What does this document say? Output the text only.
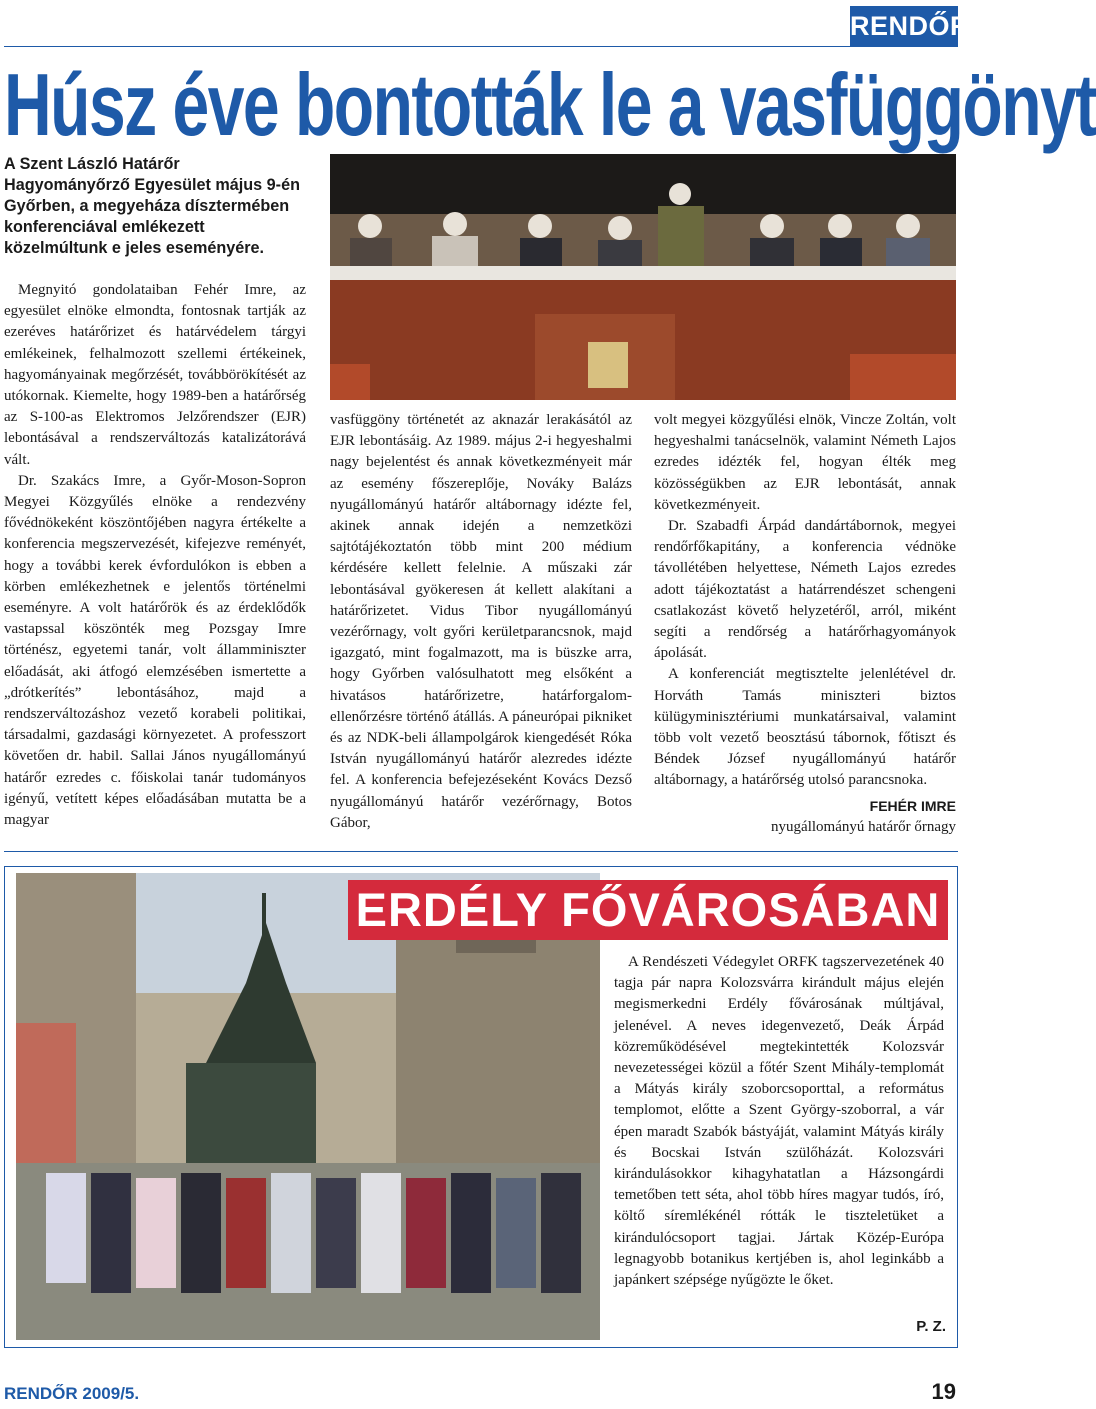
RENDŐR
Húsz éve bontották le a vasfüggönyt
A Szent László Határőr Hagyományőrző Egyesület május 9-én Győrben, a megyeháza dísztermében konferenciával emlékezett közelmúltunk e jeles eseményére.

Megnyitó gondolataiban Fehér Imre, az egyesület elnöke elmondta, fontosnak tartják az ezeréves határőrizet és határvédelem tárgyi emlékeinek, felhalmozott szellemi értékeinek, hagyományainak megőrzését, továbbörökítését az utókornak. Kiemelte, hogy 1989-ben a határőrség az S-100-as Elektromos Jelzőrendszer (EJR) lebontásával a rendszerváltozás katalizátorává vált.

Dr. Szakács Imre, a Győr-Moson-Sopron Megyei Közgyűlés elnöke a rendezvény fővédnökeként köszöntőjében nagyra értékelte a konferencia megszervezését, kifejezve reményét, hogy a további kerek évfordulókon is ebben a körben emlékezhetnek e jelentős történelmi eseményre. A volt határőrök és az érdeklődők vastapssal köszönték meg Pozsgay Imre történész, egyetemi tanár, volt államminiszter előadását, aki átfogó elemzésében ismertette a „drótkerítés” lebontásához, majd a rendszerváltozáshoz vezető korabeli politikai, társadalmi, gazdasági környezetet. A professzort követően dr. habil. Sallai János nyugállományú határőr ezredes c. főiskolai tanár tudományos igényű, vetített képes előadásában mutatta be a magyar

vasfüggöny történetét az aknazár lerakásától az EJR lebontásáig. Az 1989. május 2-i hegyeshalmi nagy bejelentést és annak következményeit már az esemény főszereplője, Nováky Balázs nyugállományú határőr altábornagy idézte fel, akinek annak idején a nemzetközi sajtótájékoztatón több mint 200 médium kérdésére kellett felelnie. A műszaki zár lebontásával gyökeresen át kellett alakítani a határőrizetet. Vidus Tibor nyugállományú vezérőrnagy, volt győri kerületparancsnok, majd igazgató, mint fogalmazott, ma is büszke arra, hogy Győrben valósulhatott meg elsőként a hivatásos határőrizetre, határforgalom-ellenőrzésre történő átállás. A páneurópai pikniket és az NDK-beli állampolgárok kiengedését Róka István nyugállományú határőr alezredes idézte fel. A konferencia befejezéseként Kovács Dezső nyugállományú határőr vezérőrnagy, Botos Gábor,

volt megyei közgyűlési elnök, Vincze Zoltán, volt hegyeshalmi tanácselnök, valamint Németh Lajos ezredes idézték fel, hogyan élték meg közösségükben az EJR lebontását, annak következményeit.

Dr. Szabadfi Árpád dandártábornok, megyei rendőrfőkapitány, a konferencia védnöke távollétében helyettese, Németh Lajos ezredes adott tájékoztatást a határrendészet schengeni csatlakozást követő helyzetéről, arról, miként segíti a rendőrség a határőrhagyományok ápolását.

A konferenciát megtisztelte jelenlétével dr. Horváth Tamás miniszteri biztos külügyminisztériumi munkatársaival, valamint több volt vezető beosztású tábornok, főtiszt és Béndek József nyugállományú határőr altábornagy, a határőrség utolsó parancsnoka.

FEHÉR IMRE
nyugállományú határőr őrnagy
ERDÉLY FŐVÁROSÁBAN

A Rendészeti Védegylet ORFK tagszervezetének 40 tagja pár napra Kolozsvárra kirándult május elején megismerkedni Erdély fővárosának múltjával, jelenével. A neves idegenvezető, Deák Árpád közreműködésével megtekintették Kolozsvár nevezetességei közül a főtér Szent Mihály-templomát a Mátyás király szoborcsoporttal, a református templomot, előtte a Szent György-szoborral, a vár épen maradt Szabók bástyáját, valamint Mátyás király és Bocskai István szülőházát. Kolozsvári kirándulásokkor kihagyhatatlan a Házsongárdi temetőben tett séta, ahol több híres magyar tudós, író, költő síremlékénél rótták le tiszteletüket a kirándulócsoport tagjai. Jártak Közép-Európa legnagyobb botanikus kertjében is, ahol leginkább a japánkert szépsége nyűgözte le őket.

P. Z.
RENDŐR 2009/5.	19
